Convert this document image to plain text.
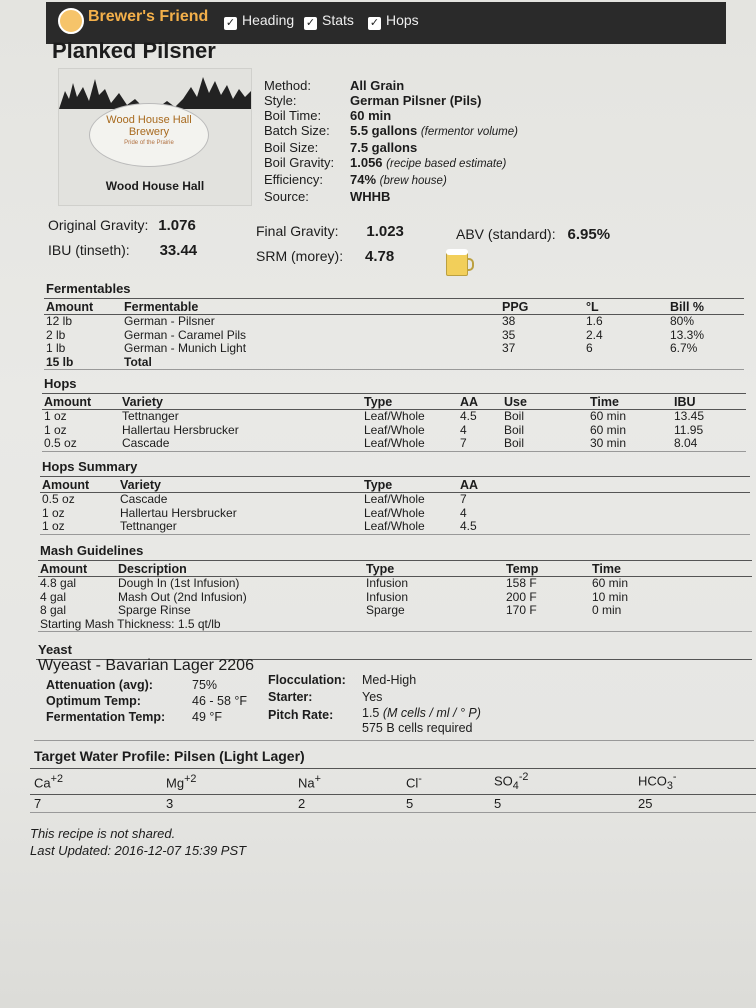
Brewer's Friend ✓ Heading ✓ Stats ✓ Hops
Planked Pilsner
Wood House Hall
Brewery
Pride of the Prairie
Wood House Hall
Method:	All Grain
Style:	German Pilsner (Pils)
Boil Time: 60 min
Batch Size: 5.5 gallons (fermentor volume)
Boil Size: 7.5 gallons
Boil Gravity: 1.056 (recipe based estimate)
Efficiency: 74% (brew house)
Source:	WHHB
Original Gravity: 1.076
IBU (tinseth): 33.44
Final Gravity: 1.023
SRM (morey): 4.78
ABV (standard): 6.95%
Fermentables
Amount	Fermentable	PPG	°L	Bill %
12 lb	German - Pilsner	38	1.6	80%
2 lb	German - Caramel Pils	35	2.4	13.3%
1 lb	German - Munich Light	37	6	6.7%
15 lb	Total			
Hops
Amount	Variety	Type	AA	Use	Time	IBU
1 oz	Tettnanger	Leaf/Whole	4.5	Boil	60 min	13.45
1 oz	Hallertau Hersbrucker	Leaf/Whole	4	Boil	60 min	11.95
0.5 oz	Cascade	Leaf/Whole	7	Boil	30 min	8.04
Hops Summary
Amount	Variety	Type	AA
0.5 oz	Cascade	Leaf/Whole	7
1 oz	Hallertau Hersbrucker	Leaf/Whole	4
1 oz	Tettnanger	Leaf/Whole	4.5
Mash Guidelines
Amount	Description	Type	Temp	Time
4.8 gal	Dough In (1st Infusion)	Infusion	158 F	60 min
4 gal	Mash Out (2nd Infusion)	Infusion	200 F	10 min
8 gal	Sparge Rinse	Sparge	170 F	0 min
Starting Mash Thickness: 1.5 qt/lb				
Yeast
Wyeast - Bavarian Lager 2206
Attenuation (avg):	75%
Optimum Temp:	46 - 58 °F
Fermentation Temp: 49 °F
Flocculation: Med-High
Starter:	Yes
Pitch Rate: 1.5 (M cells / ml / ° P)
575 B cells required
Target Water Profile: Pilsen (Light Lager)
$Ca^{+2}$	$Mg^{+2}$	Na+	Cl-	$SO_4^{-2}$	$HCO_3^-$
7	3	2	5	5	25
This recipe is not shared.
Last Updated: 2016-12-07 15:39 PST
